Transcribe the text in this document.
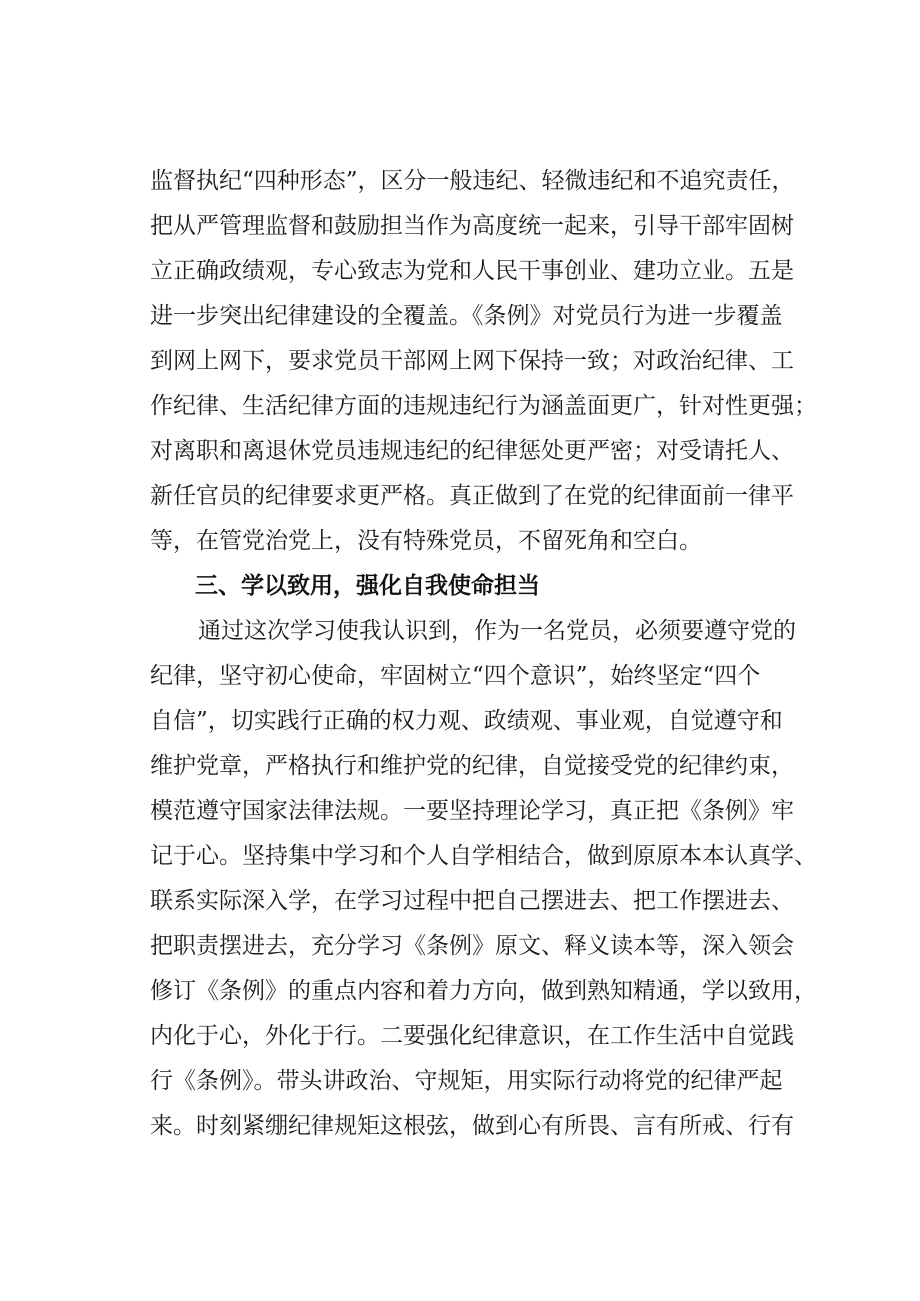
监督执纪“四种形态”，区分一般违纪、轻微违纪和不追究责任，
把从严管理监督和鼓励担当作为高度统一起来，引导干部牢固树
立正确政绩观，专心致志为党和人民干事创业、建功立业。五是
进一步突出纪律建设的全覆盖。《条例》对党员行为进一步覆盖
到网上网下，要求党员干部网上网下保持一致；对政治纪律、工
作纪律、生活纪律方面的违规违纪行为涵盖面更广，针对性更强；
对离职和离退休党员违规违纪的纪律惩处更严密；对受请托人、
新任官员的纪律要求更严格。真正做到了在党的纪律面前一律平
等，在管党治党上，没有特殊党员，不留死角和空白。
三、学以致用，强化自我使命担当
通过这次学习使我认识到，作为一名党员，必须要遵守党的
纪律，坚守初心使命，牢固树立“四个意识”，始终坚定“四个
自信”，切实践行正确的权力观、政绩观、事业观，自觉遵守和
维护党章，严格执行和维护党的纪律，自觉接受党的纪律约束，
模范遵守国家法律法规。一要坚持理论学习，真正把《条例》牢
记于心。坚持集中学习和个人自学相结合，做到原原本本认真学、
联系实际深入学，在学习过程中把自己摆进去、把工作摆进去、
把职责摆进去，充分学习《条例》原文、释义读本等，深入领会
修订《条例》的重点内容和着力方向，做到熟知精通，学以致用，
内化于心，外化于行。二要强化纪律意识，在工作生活中自觉践
行《条例》。带头讲政治、守规矩，用实际行动将党的纪律严起
来。时刻紧绷纪律规矩这根弦，做到心有所畏、言有所戒、行有
